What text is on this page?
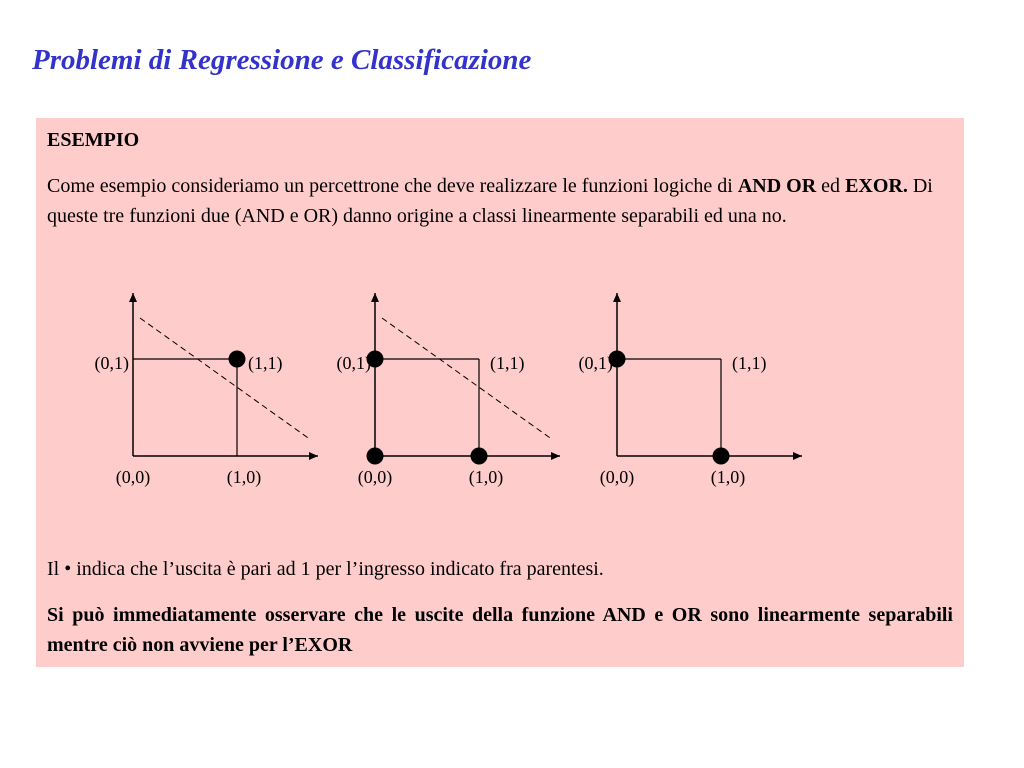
Problemi di Regressione e Classificazione

ESEMPIO

Come esempio consideriamo un percettrone che deve realizzare le funzioni logiche di AND OR ed EXOR. Di queste tre funzioni due (AND e OR) danno origine a classi linearmente separabili ed una no.

Il • indica che l’uscita è pari ad 1 per l’ingresso indicato fra parentesi.

Si può immediatamente osservare che le uscite della funzione AND e OR sono linearmente separabili mentre ciò non avviene per l’EXOR

(0,1)	(1,1)
(0,0)	(1,0)
(0,1)	(1,1)
(0,0)	(1,0)
(0,1)	(1,1)
(0,0)	(1,0)
